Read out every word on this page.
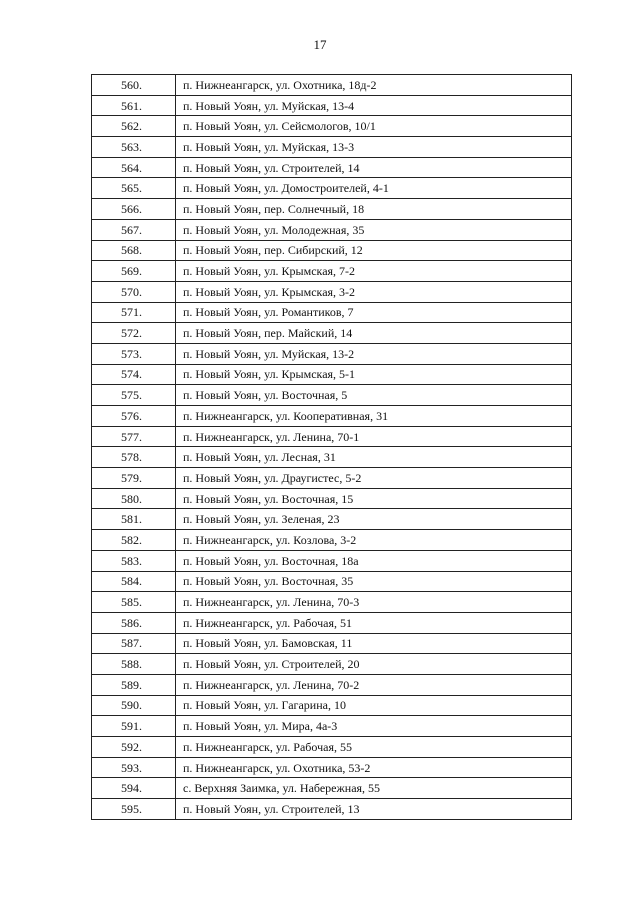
17
560.	п. Нижнеангарск, ул. Охотника, 18д-2
561.	п. Новый Уоян, ул. Муйская, 13-4
562.	п. Новый Уоян, ул. Сейсмологов, 10/1
563.	п. Новый Уоян, ул. Муйская, 13-3
564.	п. Новый Уоян, ул. Строителей, 14
565.	п. Новый Уоян, ул. Домостроителей, 4-1
566.	п. Новый Уоян, пер. Солнечный, 18
567.	п. Новый Уоян, ул. Молодежная, 35
568.	п. Новый Уоян, пер. Сибирский, 12
569.	п. Новый Уоян, ул. Крымская, 7-2
570.	п. Новый Уоян, ул. Крымская, 3-2
571.	п. Новый Уоян, ул. Романтиков, 7
572.	п. Новый Уоян, пер. Майский, 14
573.	п. Новый Уоян, ул. Муйская, 13-2
574.	п. Новый Уоян, ул. Крымская, 5-1
575.	п. Новый Уоян, ул. Восточная, 5
576.	п. Нижнеангарск, ул. Кооперативная, 31
577.	п. Нижнеангарск, ул. Ленина, 70-1
578.	п. Новый Уоян, ул. Лесная, 31
579.	п. Новый Уоян, ул. Драугистес, 5-2
580.	п. Новый Уоян, ул. Восточная, 15
581.	п. Новый Уоян, ул. Зеленая, 23
582.	п. Нижнеангарск, ул. Козлова, 3-2
583.	п. Новый Уоян, ул. Восточная, 18а
584.	п. Новый Уоян, ул. Восточная, 35
585.	п. Нижнеангарск, ул. Ленина, 70-3
586.	п. Нижнеангарск, ул. Рабочая, 51
587.	п. Новый Уоян, ул. Бамовская, 11
588.	п. Новый Уоян, ул. Строителей, 20
589.	п. Нижнеангарск, ул. Ленина, 70-2
590.	п. Новый Уоян, ул. Гагарина, 10
591.	п. Новый Уоян, ул. Мира, 4а-3
592.	п. Нижнеангарск, ул. Рабочая, 55
593.	п. Нижнеангарск, ул. Охотника, 53-2
594.	с. Верхняя Заимка, ул. Набережная, 55
595.	п. Новый Уоян, ул. Строителей, 13
